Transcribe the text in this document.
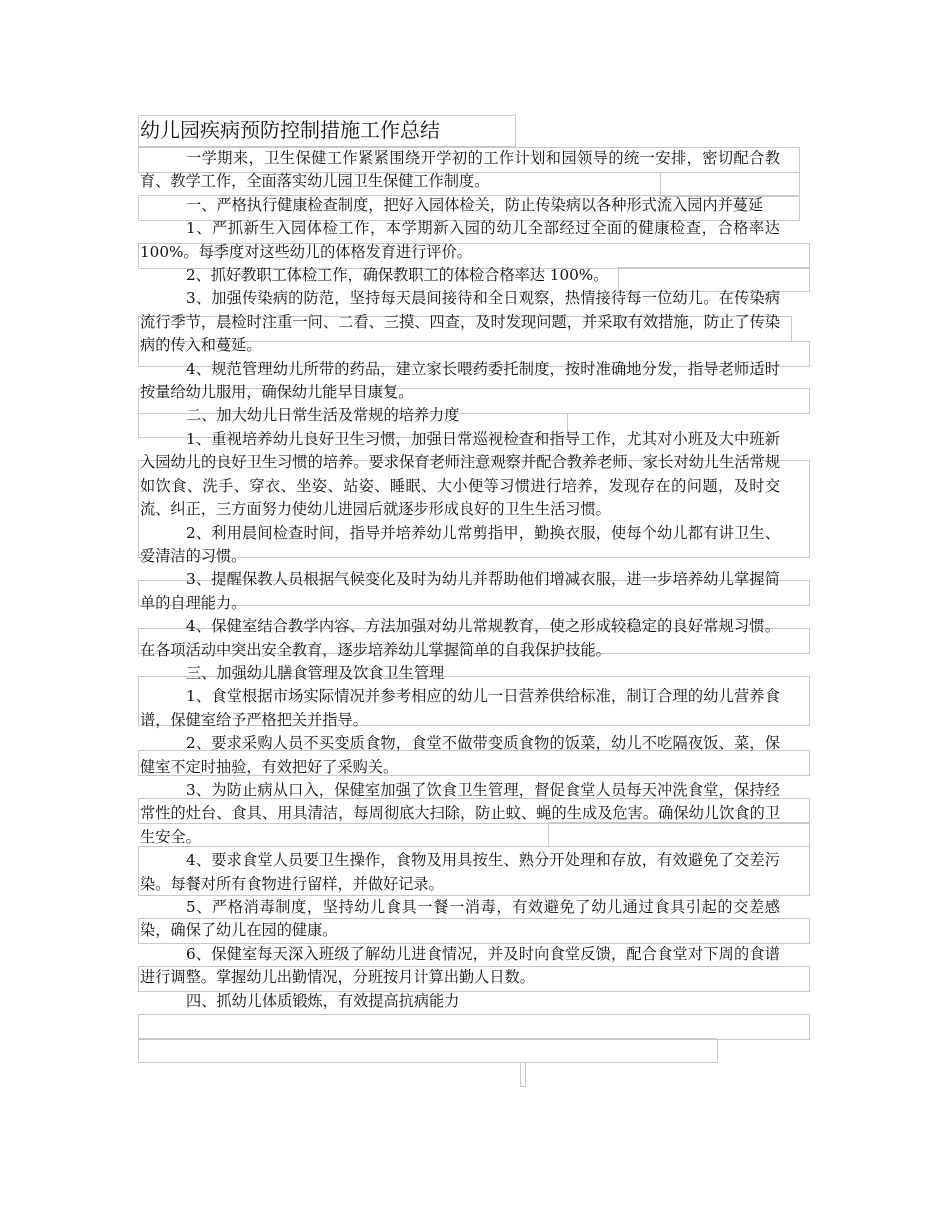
幼儿园疾病预防控制措施工作总结

一学期来，卫生保健工作紧紧围绕开学初的工作计划和园领导的统一安排，密切配合教育、教学工作，全面落实幼儿园卫生保健工作制度。

一、严格执行健康检查制度，把好入园体检关，防止传染病以各种形式流入园内并蔓延

1、严抓新生入园体检工作，本学期新入园的幼儿全部经过全面的健康检查，合格率达 100%。每季度对这些幼儿的体格发育进行评价。

2、抓好教职工体检工作，确保教职工的体检合格率达 100%。

3、加强传染病的防范，坚持每天晨间接待和全日观察，热情接待每一位幼儿。在传染病流行季节，晨检时注重一问、二看、三摸、四查，及时发现问题，并采取有效措施，防止了传染病的传入和蔓延。

4、规范管理幼儿所带的药品，建立家长喂药委托制度，按时准确地分发，指导老师适时按量给幼儿服用，确保幼儿能早日康复。

二、加大幼儿日常生活及常规的培养力度

1、重视培养幼儿良好卫生习惯，加强日常巡视检查和指导工作，尤其对小班及大中班新入园幼儿的良好卫生习惯的培养。要求保育老师注意观察并配合教养老师、家长对幼儿生活常规如饮食、洗手、穿衣、坐姿、站姿、睡眠、大小便等习惯进行培养，发现存在的问题，及时交流、纠正，三方面努力使幼儿进园后就逐步形成良好的卫生生活习惯。

2、利用晨间检查时间，指导并培养幼儿常剪指甲，勤换衣服，使每个幼儿都有讲卫生、爱清洁的习惯。

3、提醒保教人员根据气候变化及时为幼儿并帮助他们增减衣服，进一步培养幼儿掌握简单的自理能力。

4、保健室结合教学内容、方法加强对幼儿常规教育，使之形成较稳定的良好常规习惯。在各项活动中突出安全教育，逐步培养幼儿掌握简单的自我保护技能。

三、加强幼儿膳食管理及饮食卫生管理

1、食堂根据市场实际情况并参考相应的幼儿一日营养供给标准，制订合理的幼儿营养食谱，保健室给予严格把关并指导。

2、要求采购人员不买变质食物，食堂不做带变质食物的饭菜，幼儿不吃隔夜饭、菜，保健室不定时抽验，有效把好了采购关。

3、为防止病从口入，保健室加强了饮食卫生管理，督促食堂人员每天冲洗食堂，保持经常性的灶台、食具、用具清洁，每周彻底大扫除，防止蚊、蝇的生成及危害。确保幼儿饮食的卫生安全。

4、要求食堂人员要卫生操作，食物及用具按生、熟分开处理和存放，有效避免了交差污染。每餐对所有食物进行留样，并做好记录。

5、严格消毒制度，坚持幼儿食具一餐一消毒，有效避免了幼儿通过食具引起的交差感染，确保了幼儿在园的健康。

6、保健室每天深入班级了解幼儿进食情况，并及时向食堂反馈，配合食堂对下周的食谱进行调整。掌握幼儿出勤情况，分班按月计算出勤人日数。

四、抓幼儿体质锻炼，有效提高抗病能力
